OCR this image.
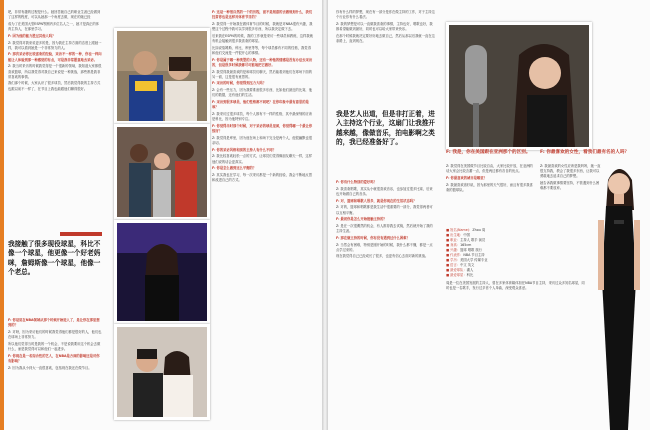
吧，非常有趣的过程是什么。她回答她自己的职业生涯已经做到了这样的程度，可以从她那一个角度去做，现在的她已经

成为了在美国大型ESPN等圈内多位名人之一，她才是真正的体育主持人，在那里学习。

F: 因为他的能力胜过其他人吗？

Z: 我觉得对我来说更多的是，因为我在主持方面的态度上跟她一样，我可以看到她是一个非常努力的人。

F: 那次采访你比较喜欢的经验，采访不一样的一种，你也一样向能让人体验到那一种感觉的有点，可是我非常愿意地去采访。

Z: 我当时采访的时候我觉得是一个很新的领域，我知道大家都很喜欢篮球，所以我觉得对我自己来说是一种挑战，那些都是我非常喜欢的事情。

我们那个时候，大家认识了很多球员，然后我觉得我的主持方式也跟以前不一样了，在节目上我也能跟他们聊得很好。

我接触了很多现役球星，科比不像一个球星，他更像一个好老妈咪，詹姆斯像一个球星，他像一个老总。

F: 你是说在NBA领域从那个时候开始进入了，是让你在那里想到的？

Z: 对呀，因为采访他们的时候我觉得他们都是很好的人，他们也在球场上非常努力。

所以他们觉得当时是我的一个机会，不是说我要用这个机会去做什么，而是我觉得可以和他们一起进步。

F: 你现在是一名综合性的艺人，在NBA是方面的影响还是对你有影响？

Z: 因为我从小到大一直很喜欢，包括现在我还在做节目。

F: 这是一种很自然的一个的历程，而不是刻意的去做规划什么，我们经常你也是这样对体育节目的？

Z: 我觉得一开始我在做体育节目的时候，我就是对NBA很有兴趣，我想这个过程中我可以学到很多东西，所以我决定做下去。

后来我在ESPN的时候，我的工作就是采访一些球员和教练，这样我就有机会接触到很多我喜欢的球星。

比如说詹姆斯、科比、库里等等，每个球员都有不同的性格，我觉得和他们交流是一件很开心的事情。

F: 你是属于哪一种类型的人物，还有一种他的情感是没有办法去采访的，但是很多时候我都尽可能地把它做好。

Z: 我觉得我最喜欢的是和球员们聊天，然后能看到他们在球场下面的另一面，这是很有意思的。

F: 采访的时候，你觉得到压力大吗？

Z: 会有一些压力，因为我要准备很多东西，比如他们最近的比赛，他们的数据，还有他们的生活。

F: 采访到很多球员，他们性格都不同吧？在你印象中最有意思的是谁？

Z: 我采访过很多球员，每个人都有不一样的性格，其中最深刻的应该是科比，因为他特别专注。

F: 你觉得当时那个时候，对于采访的球员里面，你觉得哪一个最让你惊讶？

Z: 我觉得是库里，因为他在场上和场下完全是两个人，他很幽默也很亲切。

F: 你的采访风格和别的主持人有什么不同？

Z: 我比较喜欢轻松一点的方式，让球员们觉得像朋友聊天一样，这样他们说的话会更真实。

F: 你是怎么做到这么平衡的？

Z: 其实我也在学习，每一次采访都是一个新的经验，我会不断地反思和改进自己的方式。

你有什么样的梦想，现在有一部分是你在做主持的工作，对于主持这个行业你有什么看法。

Z: 我的梦想是可以一直做我喜欢的事情，主持也好，唱歌也好，我都希望能做到最好，同时也可以给大家带来快乐。

在那个时候我就决定要好好地去做自己，然后从那以后我就一直在这条路上，直到现在。

我是艺人出道，但是非打正着，进入主持这个行业，这扇门让我推开越来越，像做音乐，拍电影啊之类的，我已经准备好了。

F: 你有什么特别的爱好吗？

Z: 我喜欢唱歌，其实从小就很喜欢音乐，也参加过很多比赛，后来也开始做自己的音乐。

F: 对，篮球和唱歌人很多，就是你现在的生活状态吗？

Z: 对的，篮球和唱歌都是我生活中很重要的一部分，我觉得两者可以互相平衡。

F: 最初你是怎么开始接触主持的？

Z: 是在一次很偶然的机会，有人推荐我去试镜，然后就开始了我的主持生涯。

F: 那在做主持的时候，你有没有遇到过什么困难？

Z: 当然会有困难，特别是刚开始的时候，我什么都不懂，都是一点点学过来的。

现在我觉得自己已经成长了很多，也更有信心去面对新的挑战。

F: 我是，你在美国跟在亚洲那个的区别。

Z: 我觉得在美国做节目比较自由，大家比较开放，在亚洲的话大家会比较含蓄一点，但是两边都有各自的优点。

F: 你最喜欢的城市是哪里？

Z: 我最喜欢洛杉矶，因为那里的天气很好，而且有很多我喜欢的篮球队。

F: 你最喜欢的女性，看我们最有名的人吗？

Z: 我最喜欢的女性应该是我妈妈，她一直很支持我，教会了我很多东西，让我可以勇敢地去追求自己的梦想。

她告诉我做事情要坚持，不管遇到什么困难都不要放弃。

■ 姓名(Name)：Zhou 周
■ 出生地：中国
■ 职业：主持人 歌手 演员
■ 身高：165cm
■ 兴趣：篮球 唱歌 旅行
■ 代表作：NBA 节目主持
■ 学历：美国大学 传媒专业
■ 语言：中文 英文
■ 最爱球队：湖人
■ 最爱球星：科比
周是一位在美国发展的主持人，曾在多家体育媒体担任NBA节目主持，采访过众多知名球星，同时也是一名歌手，发行过多首个人单曲，深受观众喜爱。
